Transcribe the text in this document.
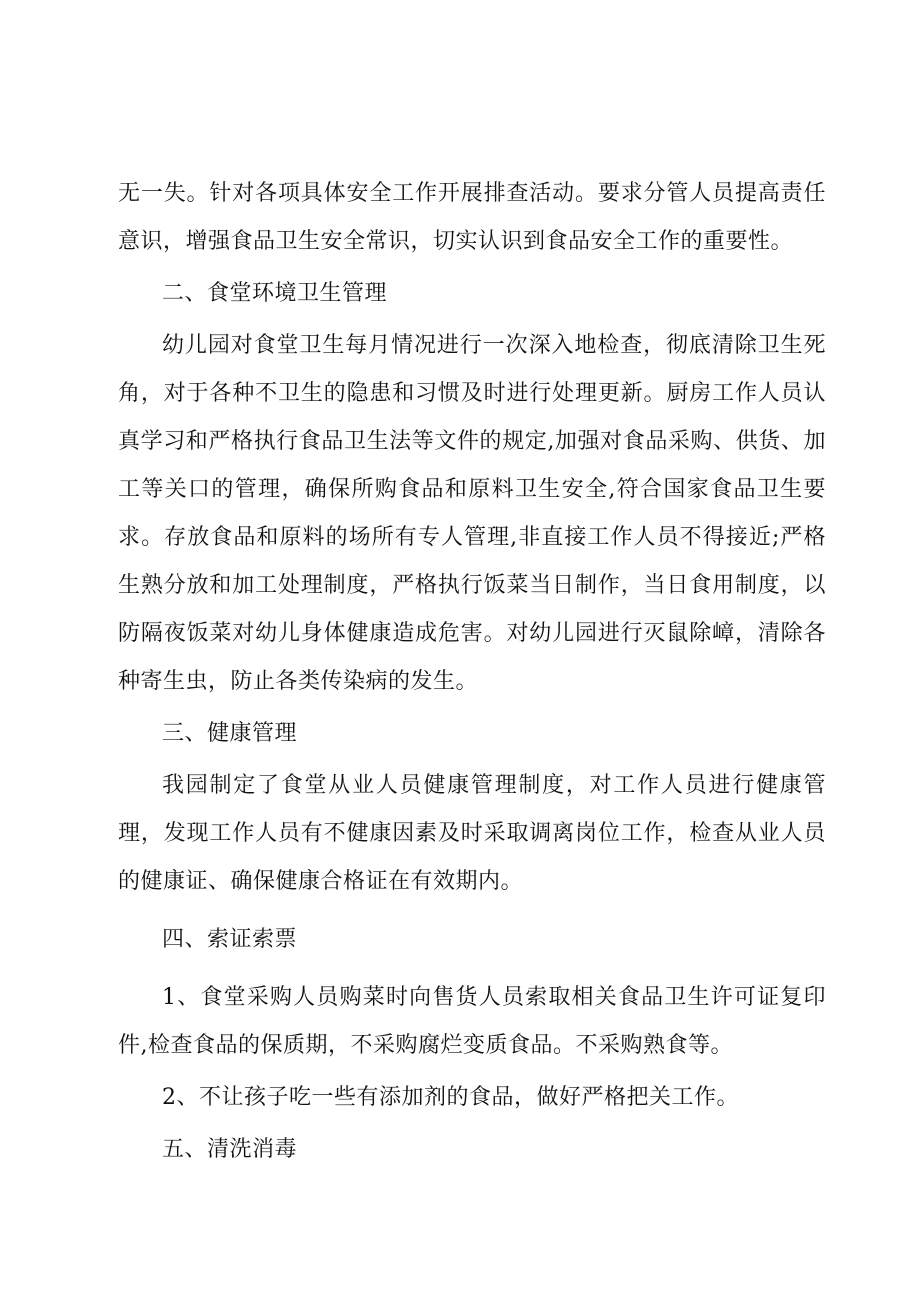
无一失。针对各项具体安全工作开展排查活动。要求分管人员提高责任意识，增强食品卫生安全常识，切实认识到食品安全工作的重要性。

二、食堂环境卫生管理

幼儿园对食堂卫生每月情况进行一次深入地检查，彻底清除卫生死角，对于各种不卫生的隐患和习惯及时进行处理更新。厨房工作人员认真学习和严格执行食品卫生法等文件的规定,加强对食品采购、供货、加工等关口的管理，确保所购食品和原料卫生安全,符合国家食品卫生要求。存放食品和原料的场所有专人管理,非直接工作人员不得接近;严格生熟分放和加工处理制度，严格执行饭菜当日制作，当日食用制度，以防隔夜饭菜对幼儿身体健康造成危害。对幼儿园进行灭鼠除嶂，清除各种寄生虫，防止各类传染病的发生。

三、健康管理

我园制定了食堂从业人员健康管理制度，对工作人员进行健康管理，发现工作人员有不健康因素及时采取调离岗位工作，检查从业人员的健康证、确保健康合格证在有效期内。

四、索证索票

1、食堂采购人员购菜时向售货人员索取相关食品卫生许可证复印件,检查食品的保质期，不采购腐烂变质食品。不采购熟食等。

2、不让孩子吃一些有添加剂的食品，做好严格把关工作。

五、清洗消毒
